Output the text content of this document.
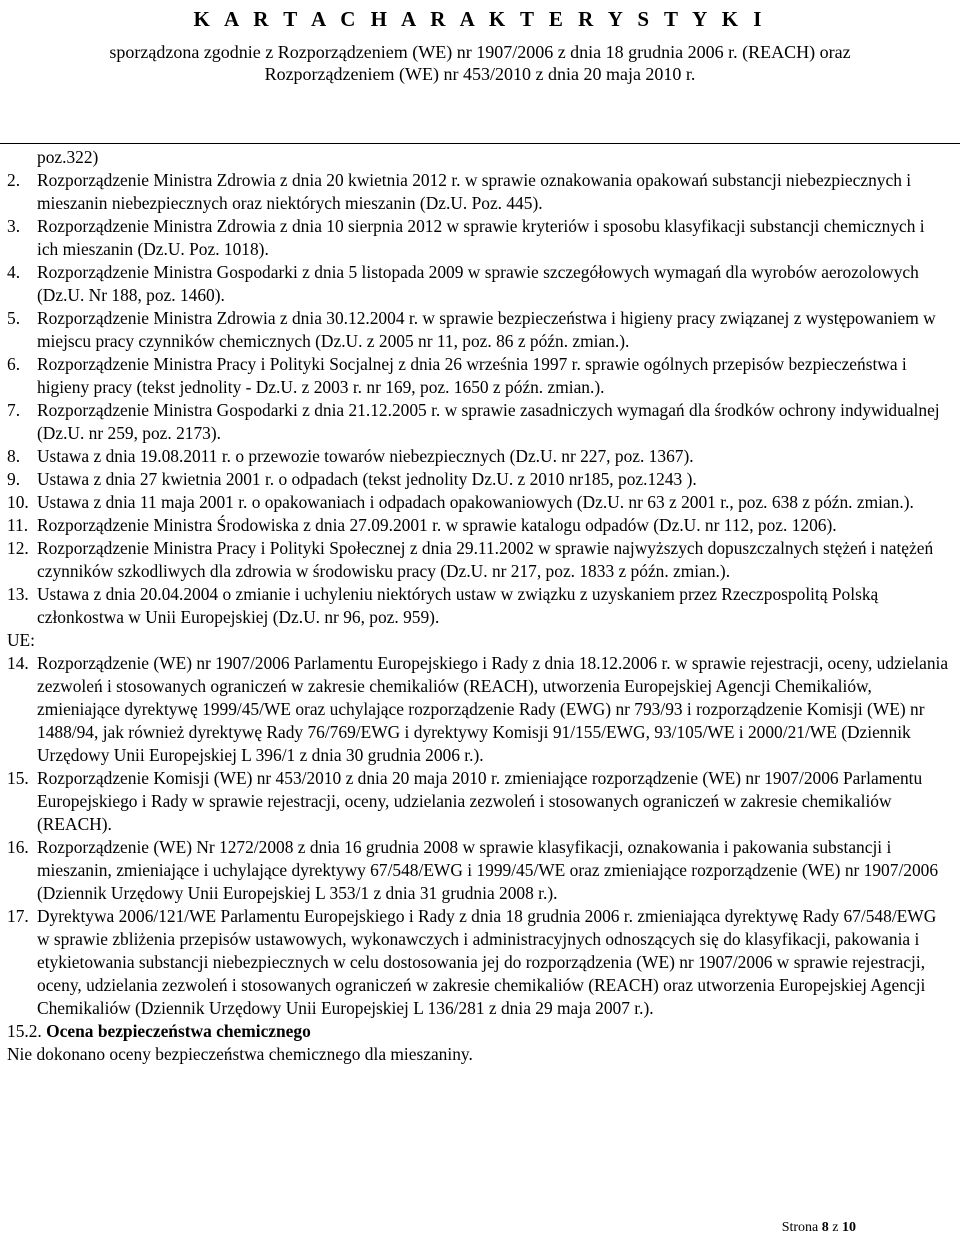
K A R T A C H A R A K T E R Y S T Y K I
sporządzona zgodnie z Rozporządzeniem (WE) nr 1907/2006 z dnia 18 grudnia 2006 r. (REACH) oraz
Rozporządzeniem (WE) nr 453/2010 z dnia 20 maja 2010 r.
poz.322)
2. Rozporządzenie Ministra Zdrowia z dnia 20 kwietnia 2012 r. w sprawie oznakowania opakowań substancji niebezpiecznych i mieszanin niebezpiecznych oraz niektórych mieszanin (Dz.U. Poz. 445).
3. Rozporządzenie Ministra Zdrowia z dnia 10 sierpnia 2012 w sprawie kryteriów i sposobu klasyfikacji substancji chemicznych i ich mieszanin (Dz.U. Poz. 1018).
4. Rozporządzenie Ministra Gospodarki z dnia 5 listopada 2009 w sprawie szczegółowych wymagań dla wyrobów aerozolowych (Dz.U. Nr 188, poz. 1460).
5. Rozporządzenie Ministra Zdrowia z dnia 30.12.2004 r. w sprawie bezpieczeństwa i higieny pracy związanej z występowaniem w miejscu pracy czynników chemicznych (Dz.U. z 2005 nr 11, poz. 86 z późn. zmian.).
6. Rozporządzenie Ministra Pracy i Polityki Socjalnej z dnia 26 września 1997 r. sprawie ogólnych przepisów bezpieczeństwa i higieny pracy (tekst jednolity - Dz.U. z 2003 r. nr 169, poz. 1650 z późn. zmian.).
7. Rozporządzenie Ministra Gospodarki z dnia 21.12.2005 r. w sprawie zasadniczych wymagań dla środków ochrony indywidualnej (Dz.U. nr 259, poz. 2173).
8. Ustawa z dnia 19.08.2011 r. o przewozie towarów niebezpiecznych (Dz.U. nr 227, poz. 1367).
9. Ustawa z dnia 27 kwietnia 2001 r. o odpadach (tekst jednolity Dz.U. z 2010 nr185, poz.1243 ).
10. Ustawa z dnia 11 maja 2001 r. o opakowaniach i odpadach opakowaniowych (Dz.U. nr 63 z 2001 r., poz. 638 z późn. zmian.).
11. Rozporządzenie Ministra Środowiska z dnia 27.09.2001 r. w sprawie katalogu odpadów (Dz.U. nr 112, poz. 1206).
12. Rozporządzenie Ministra Pracy i Polityki Społecznej z dnia 29.11.2002 w sprawie najwyższych dopuszczalnych stężeń i natężeń czynników szkodliwych dla zdrowia w środowisku pracy (Dz.U. nr 217, poz. 1833 z późn. zmian.).
13. Ustawa z dnia 20.04.2004 o zmianie i uchyleniu niektórych ustaw w związku z uzyskaniem przez Rzeczpospolitą Polską członkostwa w Unii Europejskiej (Dz.U. nr 96, poz. 959).
UE:
14. Rozporządzenie (WE) nr 1907/2006 Parlamentu Europejskiego i Rady z dnia 18.12.2006 r. w sprawie rejestracji, oceny, udzielania zezwoleń i stosowanych ograniczeń w zakresie chemikaliów (REACH), utworzenia Europejskiej Agencji Chemikaliów, zmieniające dyrektywę 1999/45/WE oraz uchylające rozporządzenie Rady (EWG) nr 793/93 i rozporządzenie Komisji (WE) nr 1488/94, jak również dyrektywę Rady 76/769/EWG i dyrektywy Komisji 91/155/EWG, 93/105/WE i 2000/21/WE (Dziennik Urzędowy Unii Europejskiej L 396/1 z dnia 30 grudnia 2006 r.).
15. Rozporządzenie Komisji (WE) nr 453/2010 z dnia 20 maja 2010 r. zmieniające rozporządzenie (WE) nr 1907/2006 Parlamentu Europejskiego i Rady w sprawie rejestracji, oceny, udzielania zezwoleń i stosowanych ograniczeń w zakresie chemikaliów (REACH).
16. Rozporządzenie (WE) Nr 1272/2008 z dnia 16 grudnia 2008 w sprawie klasyfikacji, oznakowania i pakowania substancji i mieszanin, zmieniające i uchylające dyrektywy 67/548/EWG i 1999/45/WE oraz zmieniające rozporządzenie (WE) nr 1907/2006 (Dziennik Urzędowy Unii Europejskiej L 353/1 z dnia 31 grudnia 2008 r.).
17. Dyrektywa 2006/121/WE Parlamentu Europejskiego i Rady z dnia 18 grudnia 2006 r. zmieniająca dyrektywę Rady 67/548/EWG w sprawie zbliżenia przepisów ustawowych, wykonawczych i administracyjnych odnoszących się do klasyfikacji, pakowania i etykietowania substancji niebezpiecznych w celu dostosowania jej do rozporządzenia (WE) nr 1907/2006 w sprawie rejestracji, oceny, udzielania zezwoleń i stosowanych ograniczeń w zakresie chemikaliów (REACH) oraz utworzenia Europejskiej Agencji Chemikaliów (Dziennik Urzędowy Unii Europejskiej L 136/281 z dnia 29 maja 2007 r.).
15.2. Ocena bezpieczeństwa chemicznego
Nie dokonano oceny bezpieczeństwa chemicznego dla mieszaniny.
Strona 8 z 10
